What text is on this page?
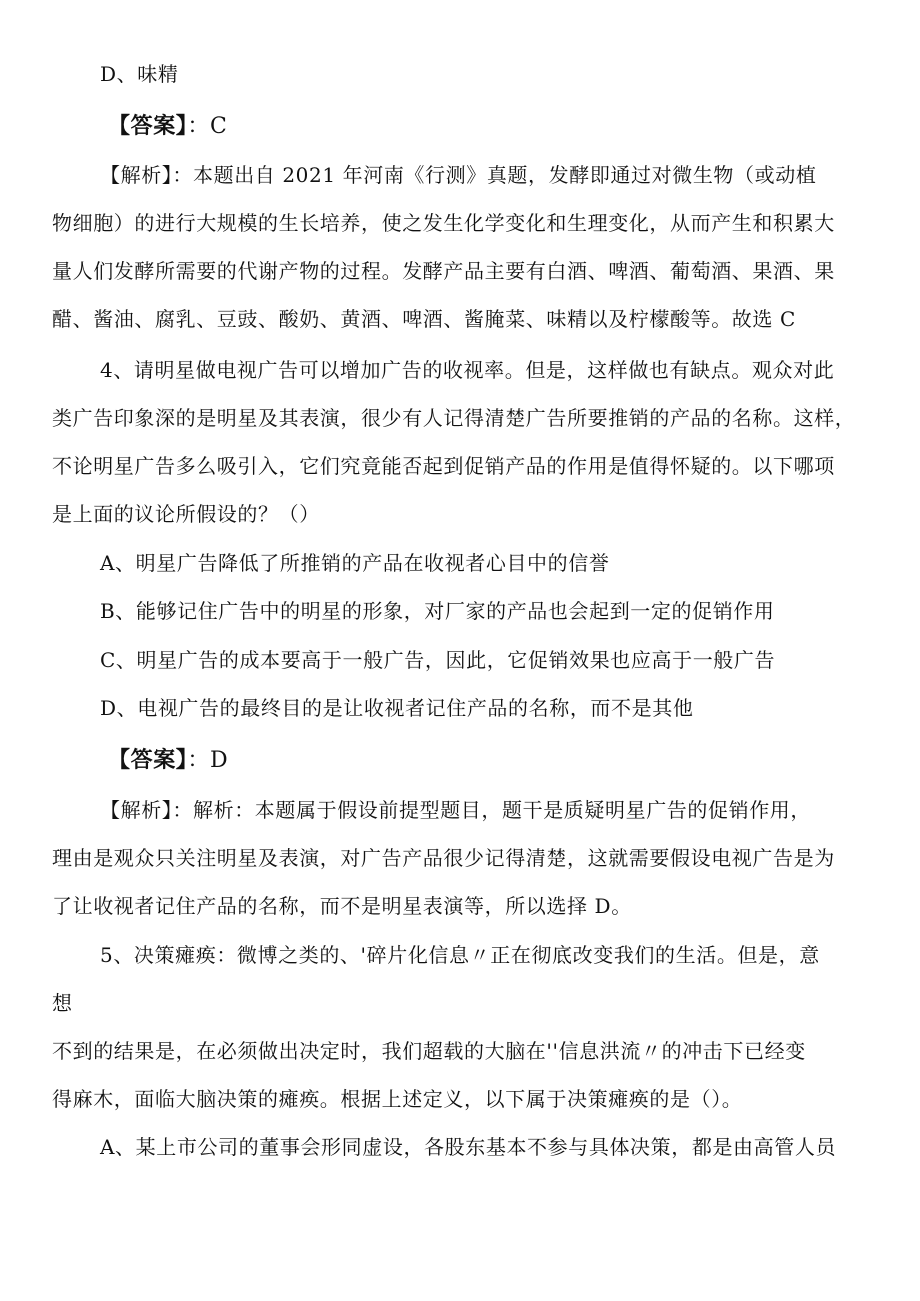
D、味精
【答案】：C
【解析】：本题出自 2021 年河南《行测》真题，发酵即通过对微生物（或动植
物细胞）的进行大规模的生长培养，使之发生化学变化和生理变化，从而产生和积累大
量人们发酵所需要的代谢产物的过程。发酵产品主要有白酒、啤酒、葡萄酒、果酒、果
醋、酱油、腐乳、豆豉、酸奶、黄酒、啤酒、酱腌菜、味精以及柠檬酸等。故选 C
4、请明星做电视广告可以增加广告的收视率。但是，这样做也有缺点。观众对此
类广告印象深的是明星及其表演，很少有人记得清楚广告所要推销的产品的名称。这样，
不论明星广告多么吸引入，它们究竟能否起到促销产品的作用是值得怀疑的。以下哪项
是上面的议论所假设的？（）
A、明星广告降低了所推销的产品在收视者心目中的信誉
B、能够记住广告中的明星的形象，对厂家的产品也会起到一定的促销作用
C、明星广告的成本要高于一般广告，因此，它促销效果也应高于一般广告
D、电视广告的最终目的是让收视者记住产品的名称，而不是其他
【答案】：D
【解析】：解析：本题属于假设前提型题目，题干是质疑明星广告的促销作用，
理由是观众只关注明星及表演，对广告产品很少记得清楚，这就需要假设电视广告是为
了让收视者记住产品的名称，而不是明星表演等，所以选择 D。
5、决策瘫痪：微博之类的、'碎片化信息〃正在彻底改变我们的生活。但是，意
想
不到的结果是，在必须做出决定时，我们超载的大脑在''信息洪流〃的冲击下已经变
得麻木，面临大脑决策的瘫痪。根据上述定义，以下属于决策瘫痪的是（）。
A、某上市公司的董事会形同虚设，各股东基本不参与具体决策，都是由高管人员
